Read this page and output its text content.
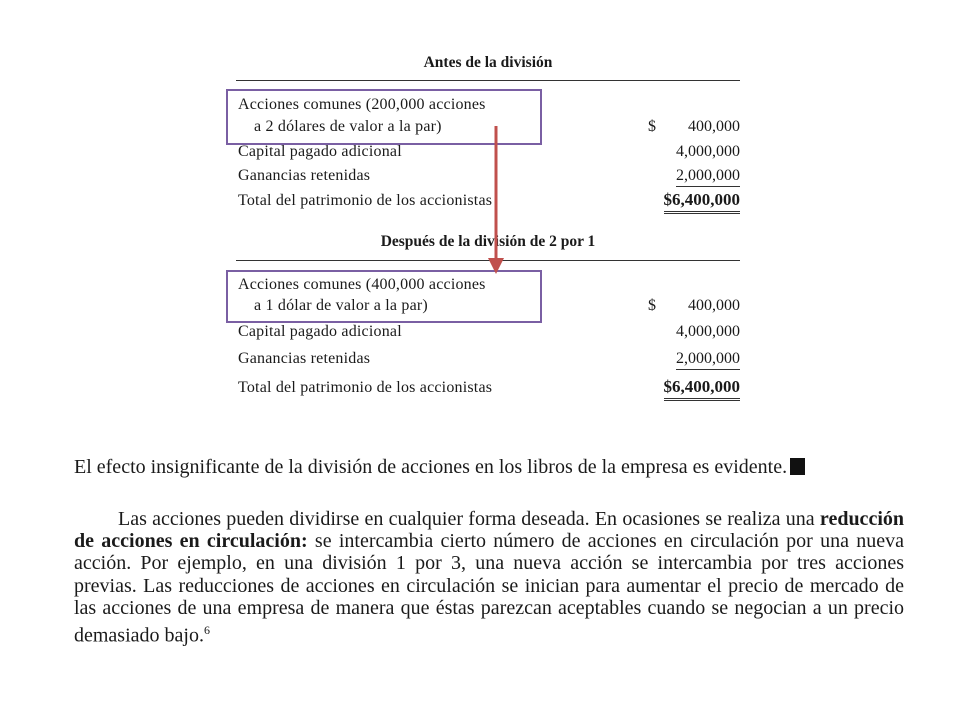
Antes de la división
Acciones comunes (200,000 acciones
a 2 dólares de valor a la par)	$ 400,000
Capital pagado adicional	4,000,000
Ganancias retenidas	2,000,000
Total del patrimonio de los accionistas	$6,400,000
Después de la división de 2 por 1
Acciones comunes (400,000 acciones
a 1 dólar de valor a la par)	$ 400,000
Capital pagado adicional	4,000,000
Ganancias retenidas	2,000,000
Total del patrimonio de los accionistas	$6,400,000

El efecto insignificante de la división de acciones en los libros de la empresa es evidente.

Las acciones pueden dividirse en cualquier forma deseada. En ocasiones se realiza una reducción de acciones en circulación: se intercambia cierto número de acciones en circulación por una nueva acción. Por ejemplo, en una división 1 por 3, una nueva acción se intercambia por tres acciones previas. Las reducciones de acciones en circulación se inician para aumentar el precio de mercado de las acciones de una empresa de manera que éstas parezcan aceptables cuando se negocian a un precio demasiado bajo.$^6$
